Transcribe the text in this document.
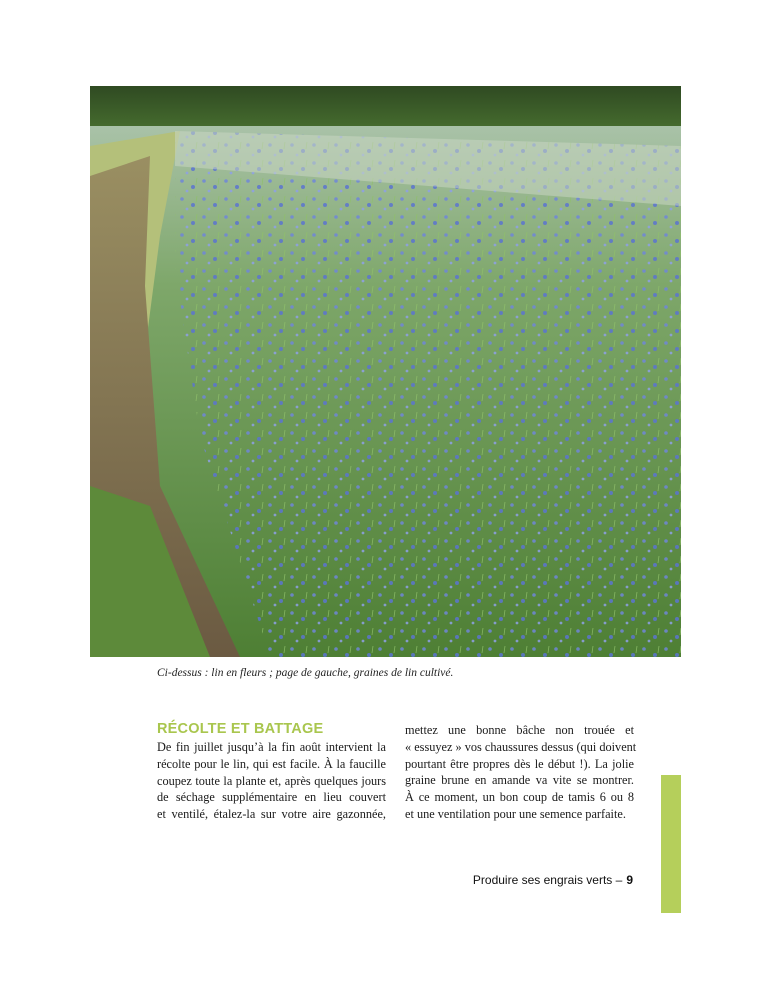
Ci-dessus : lin en fleurs ; page de gauche, graines de lin cultivé.
RÉCOLTE ET BATTAGE
De fin juillet jusqu’à la fin août intervient la
récolte pour le lin, qui est facile. À la faucille
coupez toute la plante et, après quelques jours
de séchage supplémentaire en lieu couvert
et ventilé, étalez-la sur votre aire gazonnée,
mettez une bonne bâche non trouée et
« essuyez » vos chaussures dessus (qui doivent
pourtant être propres dès le début !). La jolie
graine brune en amande va vite se montrer.
À ce moment, un bon coup de tamis 6 ou 8
et une ventilation pour une semence parfaite.
Produire ses engrais verts – 9
